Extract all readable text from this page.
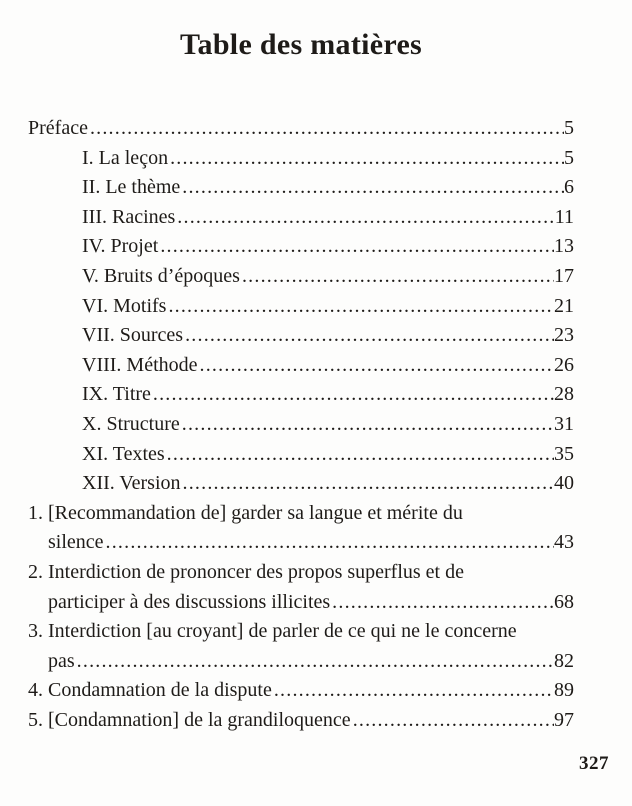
Table des matières
Préface .....	5
I. La leçon .....	5
II. Le thème .....	6
III. Racines .....	11
IV. Projet .....	13
V. Bruits d’époques .....	17
VI. Motifs .....	21
VII. Sources .....	23
VIII. Méthode .....	26
IX. Titre .....	28
X. Structure .....	31
XI. Textes .....	35
XII. Version .....	40
1. [Recommandation de] garder sa langue et mérite du
silence .....	43
2. Interdiction de prononcer des propos superflus et de
participer à des discussions illicites .....	68
3. Interdiction [au croyant] de parler de ce qui ne le concerne
pas .....	82
4. Condamnation de la dispute .....	89
5. [Condamnation] de la grandiloquence .....	97
327
